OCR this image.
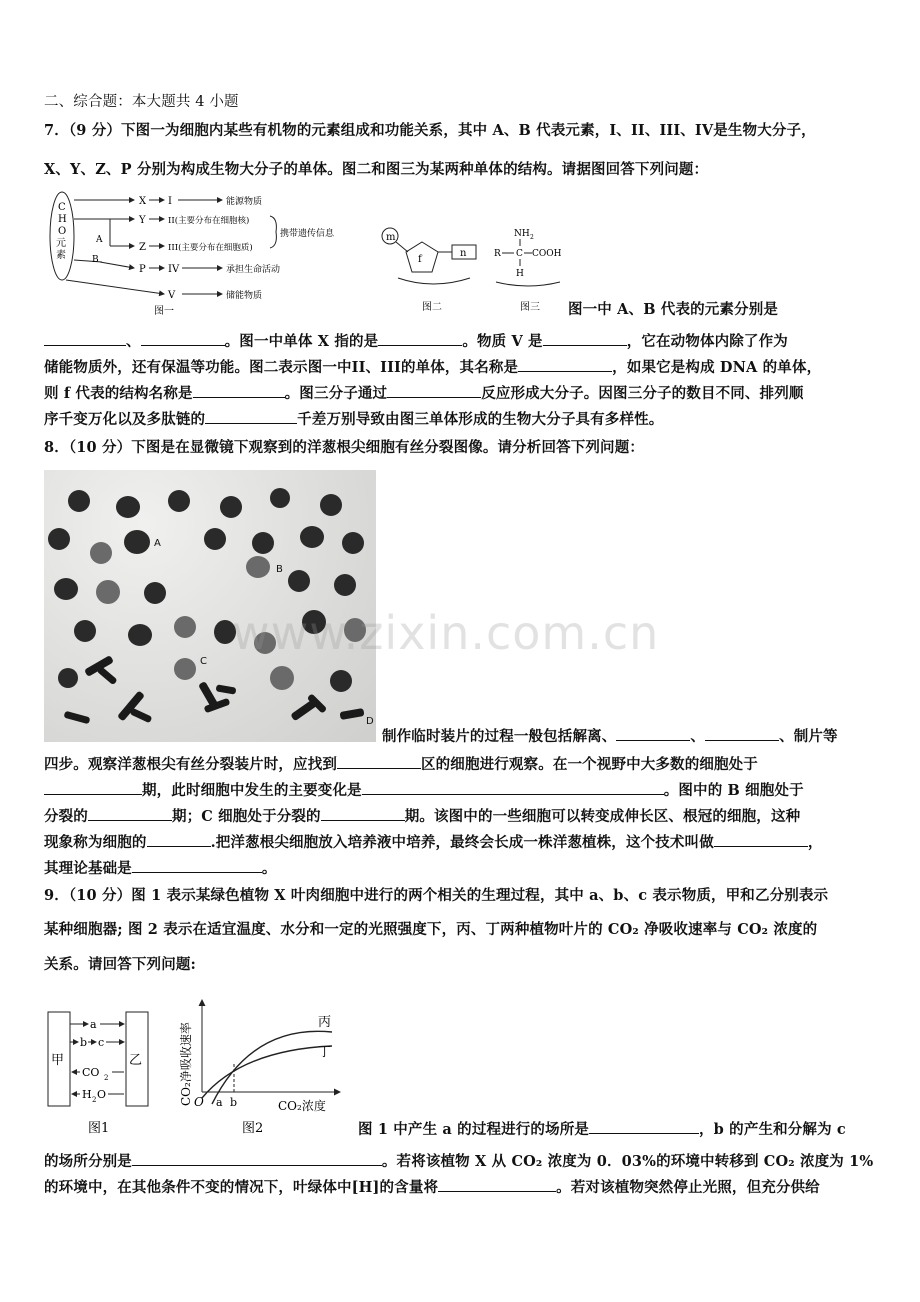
二、综合题：本大题共 4 小题
7．（9 分）下图一为细胞内某些有机物的元素组成和功能关系，其中 A、B 代表元素，I、II、III、IV是生物大分子，
X、Y、Z、P 分别为构成生物大分子的单体。图二和图三为某两种单体的结构。请据图回答下列问题：
C
H
O
元
素
X I	能源物质
Y	II(主要分布在细胞核)
A
Z	III(主要分布在细胞质)
携带遗传信息
B
P IV	承担生命活动
V	储能物质
图一
m
f
n
图二
NH 2
R C COOH
H
图三 图一中 A、B 代表的元素分别是
、	。图一中单体 X 指的是	。物质 V 是	，它在动物体内除了作为
储能物质外，还有保温等功能。图二表示图一中II、III的单体，其名称是	，如果它是构成 DNA 的单体，
则 f 代表的结构名称是	。图三分子通过	反应形成大分子。因图三分子的数目不同、排列顺
序千变万化以及多肽链的	千差万别导致由图三单体形成的生物大分子具有多样性。
8．（10 分）下图是在显微镜下观察到的洋葱根尖细胞有丝分裂图像。请分析回答下列问题：
A
B
C
D
制作临时装片的过程一般包括解离、	、	、制片等
四步。观察洋葱根尖有丝分裂装片时，应找到	区的细胞进行观察。在一个视野中大多数的细胞处于
期，此时细胞中发生的主要变化是	。图中的 B 细胞处于
分裂的	期；C 细胞处于分裂的	期。该图中的一些细胞可以转变成伸长区、根冠的细胞，这种
现象称为细胞的	.把洋葱根尖细胞放入培养液中培养，最终会长成一株洋葱植株，这个技术叫做	，
其理论基础是	。
9．（10 分）图 1 表示某绿色植物 X 叶肉细胞中进行的两个相关的生理过程，其中 a、b、c 表示物质，甲和乙分别表示
某种细胞器; 图 2 表示在适宜温度、水分和一定的光照强度下，丙、丁两种植物叶片的 CO₂ 净吸收速率与 CO₂ 浓度的
关系。请回答下列问题:
甲	乙
a
b c
CO 2
H 2 O
图1
CO₂净吸收速率 O a b	CO₂浓度
丙
丁
图2	图 1 中产生 a 的过程进行的场所是	，b 的产生和分解为 c
的场所分别是	。若将该植物 X 从 CO₂ 浓度为 0．03%的环境中转移到 CO₂ 浓度为 1%
的环境中，在其他条件不变的情况下，叶绿体中[H]的含量将	。若对该植物突然停止光照，但充分供给
www.zixin.com.cn
